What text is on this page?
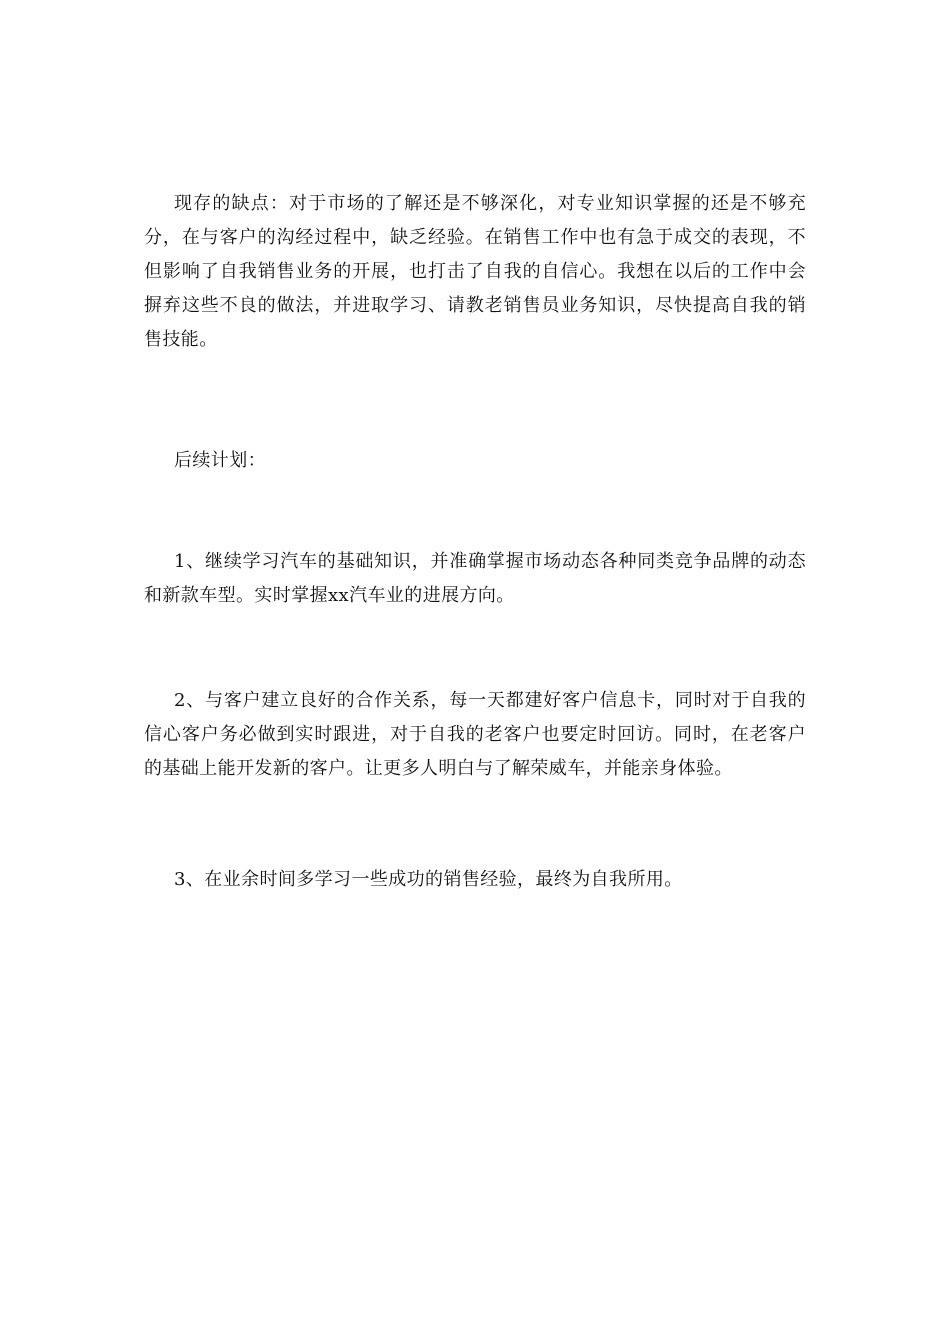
现存的缺点：对于市场的了解还是不够深化，对专业知识掌握的还是不够充分，在与客户的沟经过程中，缺乏经验。在销售工作中也有急于成交的表现，不但影响了自我销售业务的开展，也打击了自我的自信心。我想在以后的工作中会摒弃这些不良的做法，并进取学习、请教老销售员业务知识，尽快提高自我的销售技能。

后续计划：

1、继续学习汽车的基础知识，并准确掌握市场动态各种同类竞争品牌的动态和新款车型。实时掌握xx汽车业的进展方向。

2、与客户建立良好的合作关系，每一天都建好客户信息卡，同时对于自我的信心客户务必做到实时跟进，对于自我的老客户也要定时回访。同时，在老客户的基础上能开发新的客户。让更多人明白与了解荣威车，并能亲身体验。

3、在业余时间多学习一些成功的销售经验，最终为自我所用。
